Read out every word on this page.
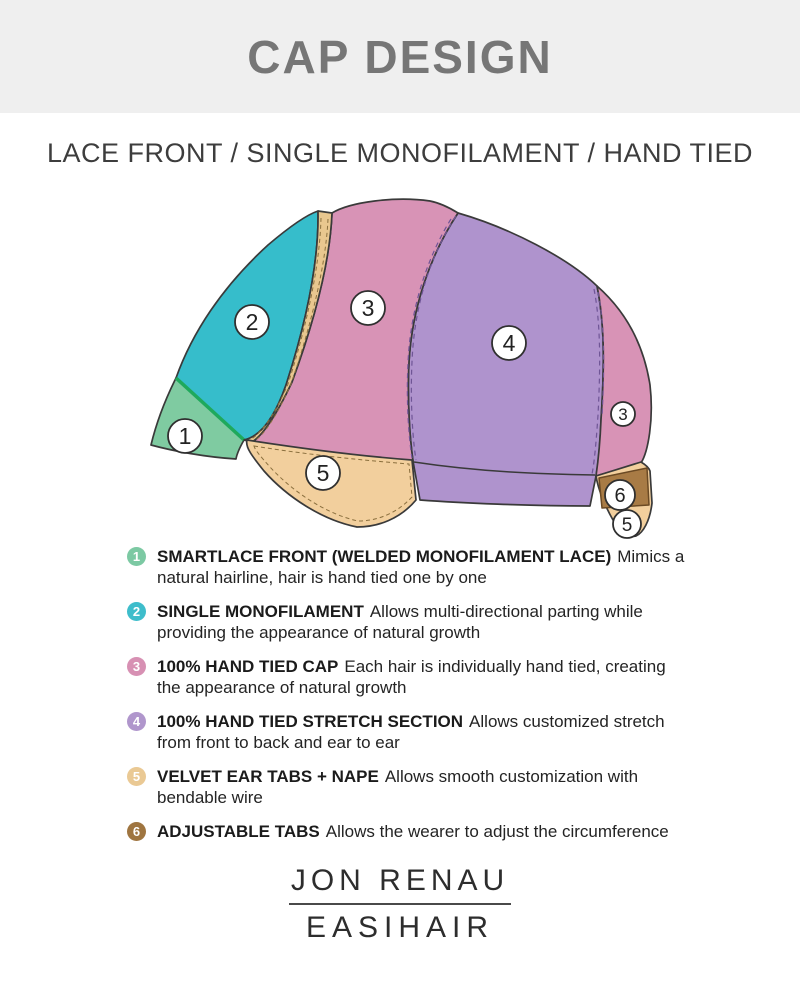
CAP DESIGN
LACE FRONT / SINGLE MONOFILAMENT / HAND TIED
1
2
3
4
3
5
6
5
1 SMARTLACE FRONT (WELDED MONOFILAMENT LACE) Mimics a natural hairline, hair is hand tied one by one
2 SINGLE MONOFILAMENT Allows multi-directional parting while providing the appearance of natural growth
3 100% HAND TIED CAP Each hair is individually hand tied, creating the appearance of natural growth
4 100% HAND TIED STRETCH SECTION Allows customized stretch from front to back and ear to ear
5 VELVET EAR TABS + NAPE Allows smooth customization with bendable wire
6 ADJUSTABLE TABS Allows the wearer to adjust the circumference
JON RENAU
EASIHAIR
